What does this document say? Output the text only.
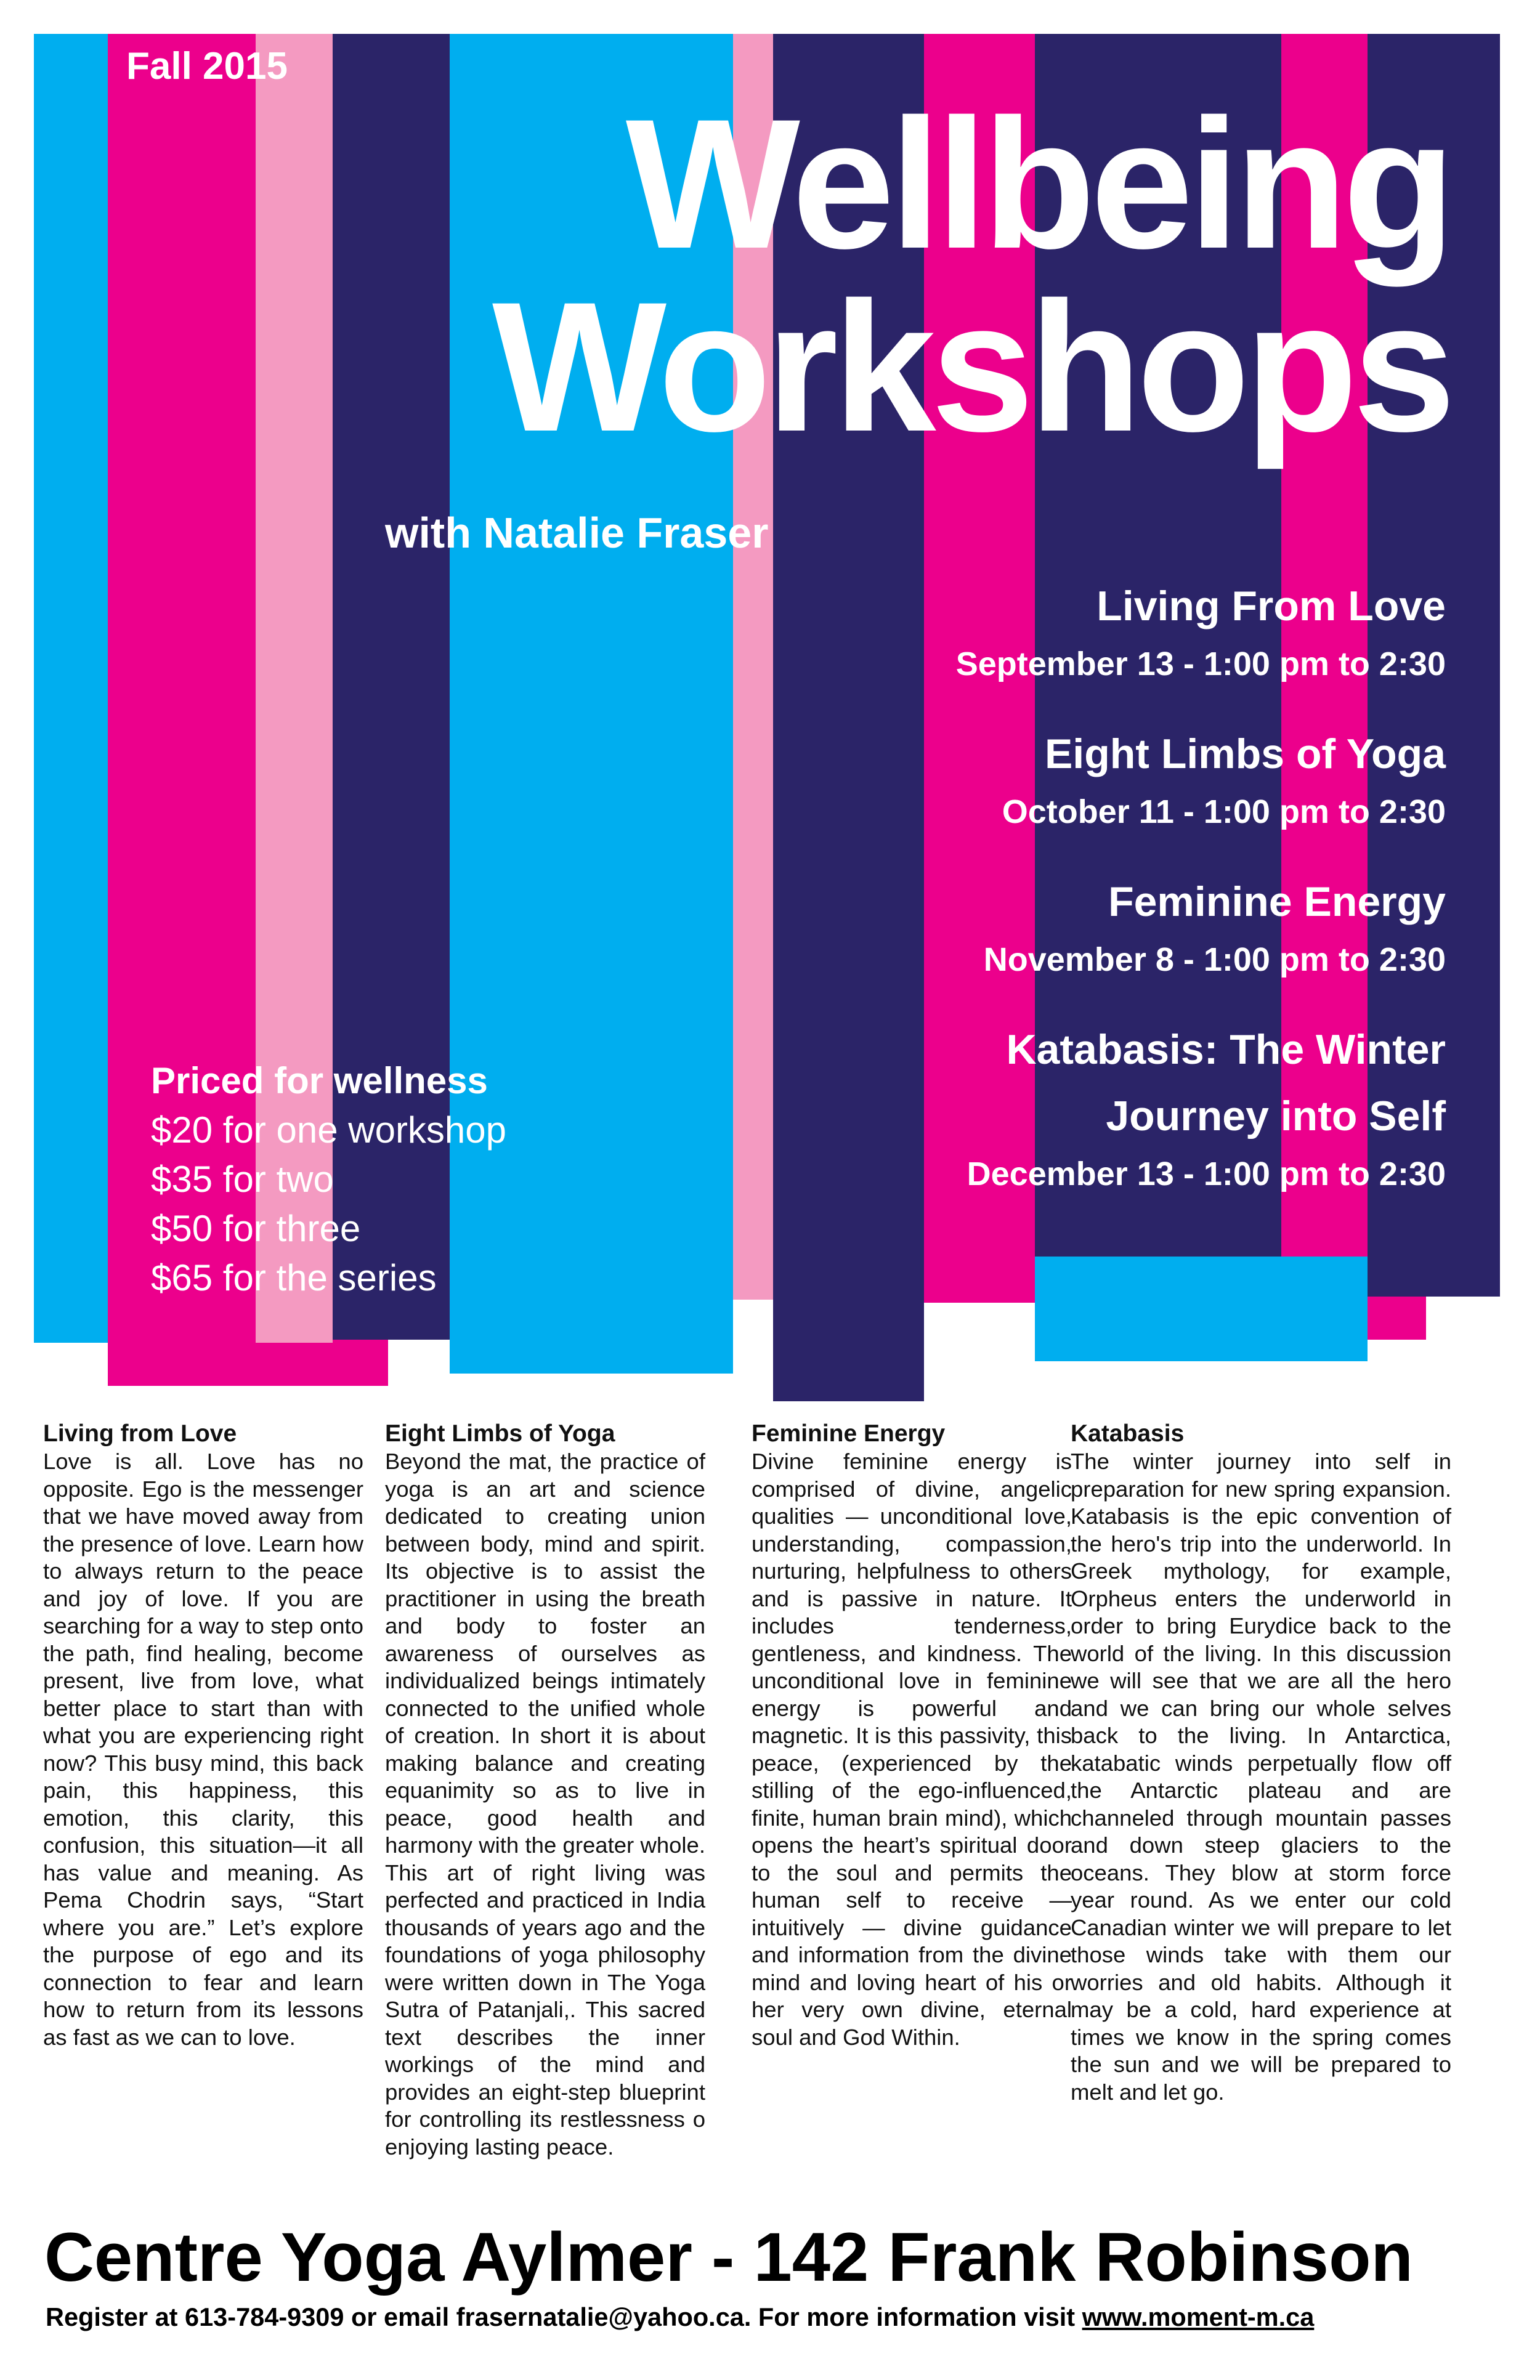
Fall 2015
Wellbeing
Workshops
with Natalie Fraser
Living From Love
September 13 - 1:00 pm to 2:30
Eight Limbs of Yoga
October 11 - 1:00 pm to 2:30
Feminine Energy
November 8 - 1:00 pm to 2:30
Katabasis: The Winter
Journey into Self
December 13 - 1:00 pm to 2:30
Priced for wellness
$20 for one workshop
$35 for two
$50 for three
$65 for the series
Living from Love

Love is all. Love has no opposite. Ego is the messenger that we have moved away from the presence of love. Learn how to always return to the peace and joy of love. If you are searching for a way to step onto the path, find healing, become present, live from love, what better place to start than with what you are experiencing right now? This busy mind, this back pain, this happiness, this emotion, this clarity, this confusion, this situation—it all has value and meaning. As Pema Chodrin says, “Start where you are.” Let’s explore the purpose of ego and its connection to fear and learn how to return from its lessons as fast as we can to love.

Eight Limbs of Yoga

Beyond the mat, the practice of yoga is an art and science dedicated to creating union between body, mind and spirit. Its objective is to assist the practitioner in using the breath and body to foster an awareness of ourselves as individualized beings intimately connected to the unified whole of creation. In short it is about making balance and creating equanimity so as to live in peace, good health and harmony with the greater whole. This art of right living was perfected and practiced in India thousands of years ago and the foundations of yoga philosophy were written down in The Yoga Sutra of Patanjali,. This sacred text describes the inner workings of the mind and provides an eight-step blueprint for controlling its restlessness o enjoying lasting peace.

Feminine Energy

Divine feminine energy is comprised of divine, angelic qualities — unconditional love, understanding, compassion, nurturing, helpfulness to others and is passive in nature. It includes tenderness, gentleness, and kindness. The unconditional love in feminine energy is powerful and magnetic. It is this passivity, this peace, (experienced by the stilling of the ego-influenced, finite, human brain mind), which opens the heart’s spiritual door to the soul and permits the human self to receive — intuitively — divine guidance and information from the divine mind and loving heart of his or her very own divine, eternal soul and God Within.

Katabasis

The winter journey into self in preparation for new spring expansion. Katabasis is the epic convention of the hero's trip into the underworld. In Greek mythology, for example, Orpheus enters the underworld in order to bring Eurydice back to the world of the living. In this discussion we will see that we are all the hero and we can bring our whole selves back to the living. In Antarctica, katabatic winds perpetually flow off the Antarctic plateau and are channeled through mountain passes and down steep glaciers to the oceans. They blow at storm force year round. As we enter our cold Canadian winter we will prepare to let those winds take with them our worries and old habits. Although it may be a cold, hard experience at times we know in the spring comes the sun and we will be prepared to melt and let go.

Centre Yoga Aylmer - 142 Frank Robinson
Register at 613-784-9309 or email frasernatalie@yahoo.ca. For more information visit www.moment-m.ca
